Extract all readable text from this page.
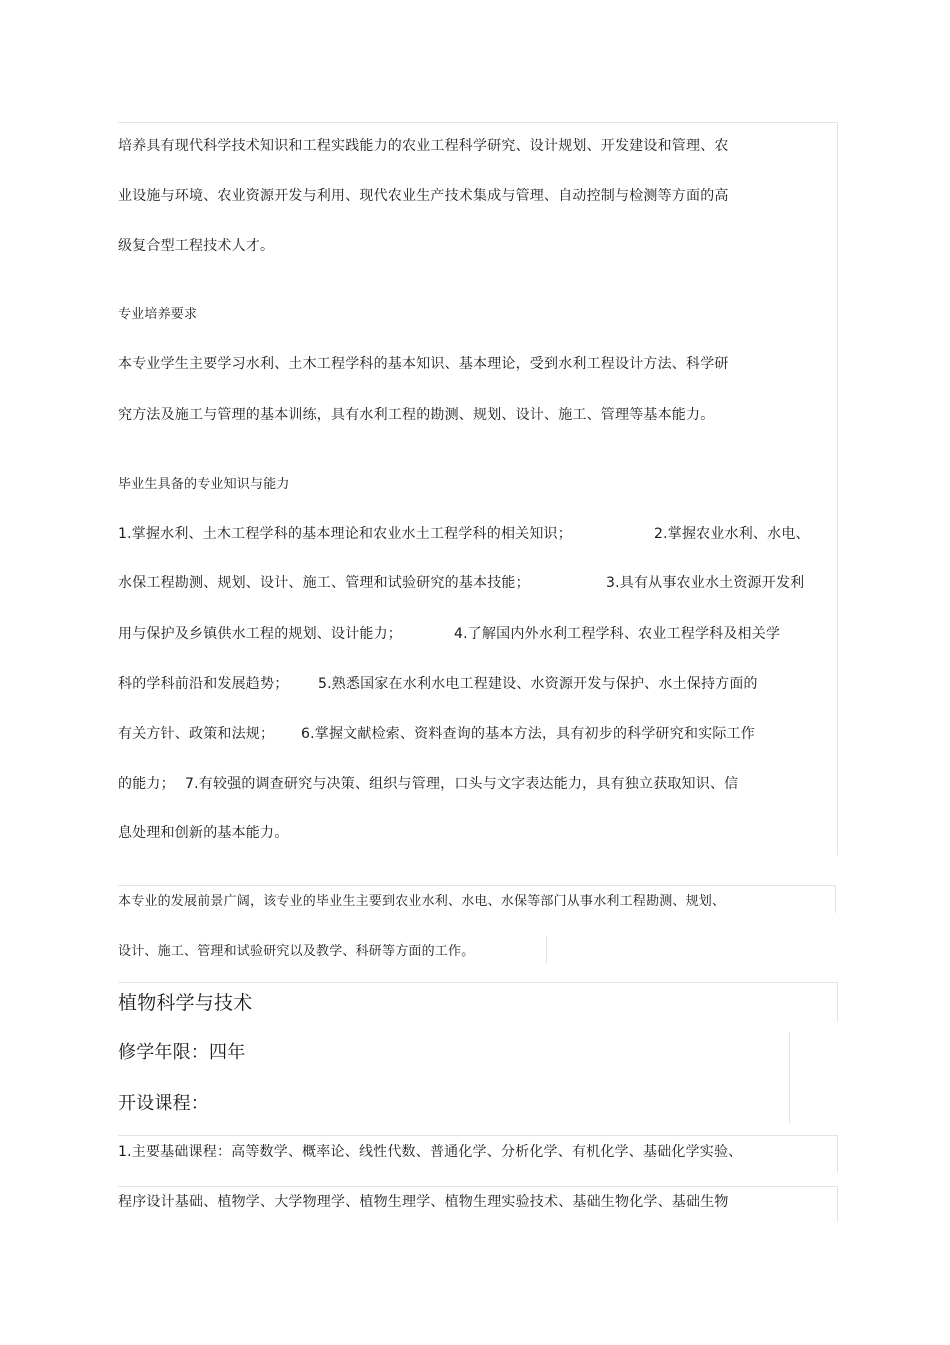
培养具有现代科学技术知识和工程实践能力的农业工程科学研究、设计规划、开发建设和管理、农
业设施与环境、农业资源开发与利用、现代农业生产技术集成与管理、自动控制与检测等方面的高
级复合型工程技术人才。
专业培养要求
本专业学生主要学习水利、土木工程学科的基本知识、基本理论，受到水利工程设计方法、科学研
究方法及施工与管理的基本训练，具有水利工程的勘测、规划、设计、施工、管理等基本能力。
毕业生具备的专业知识与能力
1.掌握水利、土木工程学科的基本理论和农业水土工程学科的相关知识；	2.掌握农业水利、水电、
水保工程勘测、规划、设计、施工、管理和试验研究的基本技能；	3.具有从事农业水土资源开发利
用与保护及乡镇供水工程的规划、设计能力；	4.了解国内外水利工程学科、农业工程学科及相关学
科的学科前沿和发展趋势； 5.熟悉国家在水利水电工程建设、水资源开发与保护、水土保持方面的
有关方针、政策和法规； 6.掌握文献检索、资料查询的基本方法，具有初步的科学研究和实际工作
的能力； 7.有较强的调查研究与决策、组织与管理，口头与文字表达能力，具有独立获取知识、信
息处理和创新的基本能力。
本专业的发展前景广阔，该专业的毕业生主要到农业水利、水电、水保等部门从事水利工程勘测、规划、
设计、施工、管理和试验研究以及教学、科研等方面的工作。
植物科学与技术
修学年限：四年
开设课程：
1.主要基础课程：高等数学、概率论、线性代数、普通化学、分析化学、有机化学、基础化学实验、
程序设计基础、植物学、大学物理学、植物生理学、植物生理实验技术、基础生物化学、基础生物
